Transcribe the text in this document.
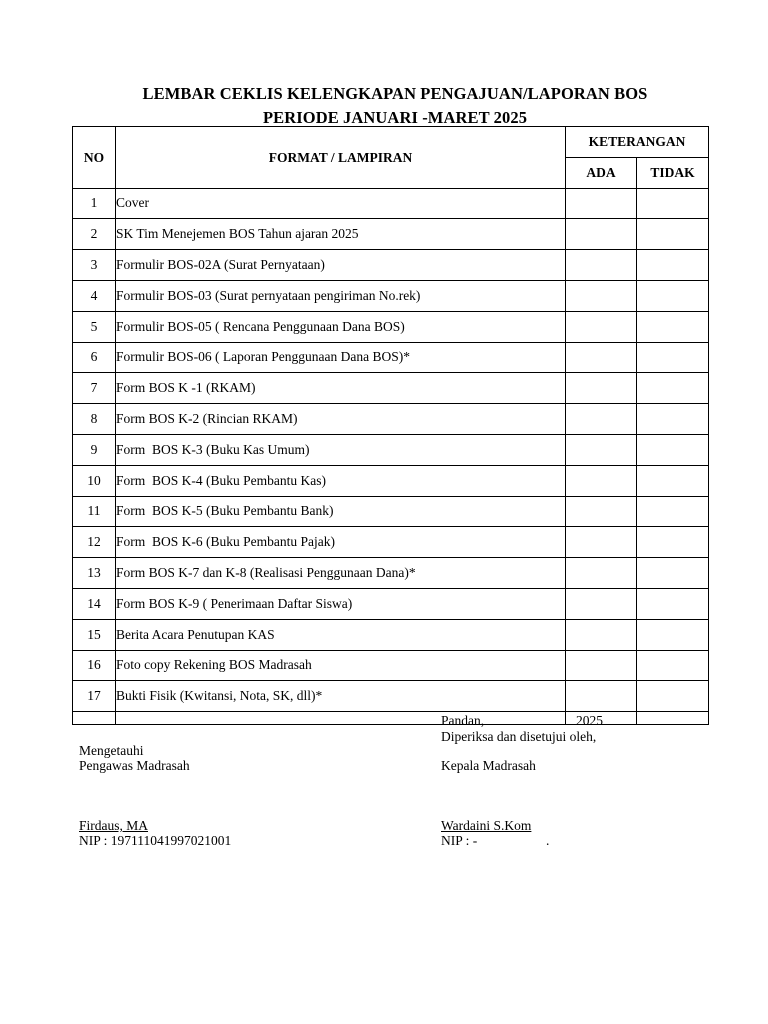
LEMBAR CEKLIS KELENGKAPAN PENGAJUAN/LAPORAN BOS
PERIODE JANUARI -MARET 2025
NO	FORMAT / LAMPIRAN	KETERANGAN	
		ADA	TIDAK
1	Cover		
2	SK Tim Menejemen BOS Tahun ajaran 2025		
3	Formulir BOS-02A (Surat Pernyataan)		
4	Formulir BOS-03 (Surat pernyataan pengiriman No.rek)		
5	Formulir BOS-05 ( Rencana Penggunaan Dana BOS)		
6	Formulir BOS-06 ( Laporan Penggunaan Dana BOS)*		
7	Form BOS K -1 (RKAM)		
8	Form BOS K-2 (Rincian RKAM)		
9	Form  BOS K-3 (Buku Kas Umum)		
10	Form  BOS K-4 (Buku Pembantu Kas)		
11	Form  BOS K-5 (Buku Pembantu Bank)		
12	Form  BOS K-6 (Buku Pembantu Pajak)		
13	Form BOS K-7 dan K-8 (Realisasi Penggunaan Dana)*		
14	Form BOS K-9 ( Penerimaan Daftar Siswa)		
15	Berita Acara Penutupan KAS		
16	Foto copy Rekening BOS Madrasah		
17	Bukti Fisik (Kwitansi, Nota, SK, dll)*		

Pandan,	2025
Diperiksa dan disetujui oleh,
Mengetauhi
Pengawas Madrasah	Kepala Madrasah
Firdaus, MA
NIP : 197111041997021001
Wardaini S.Kom
NIP : -	.
